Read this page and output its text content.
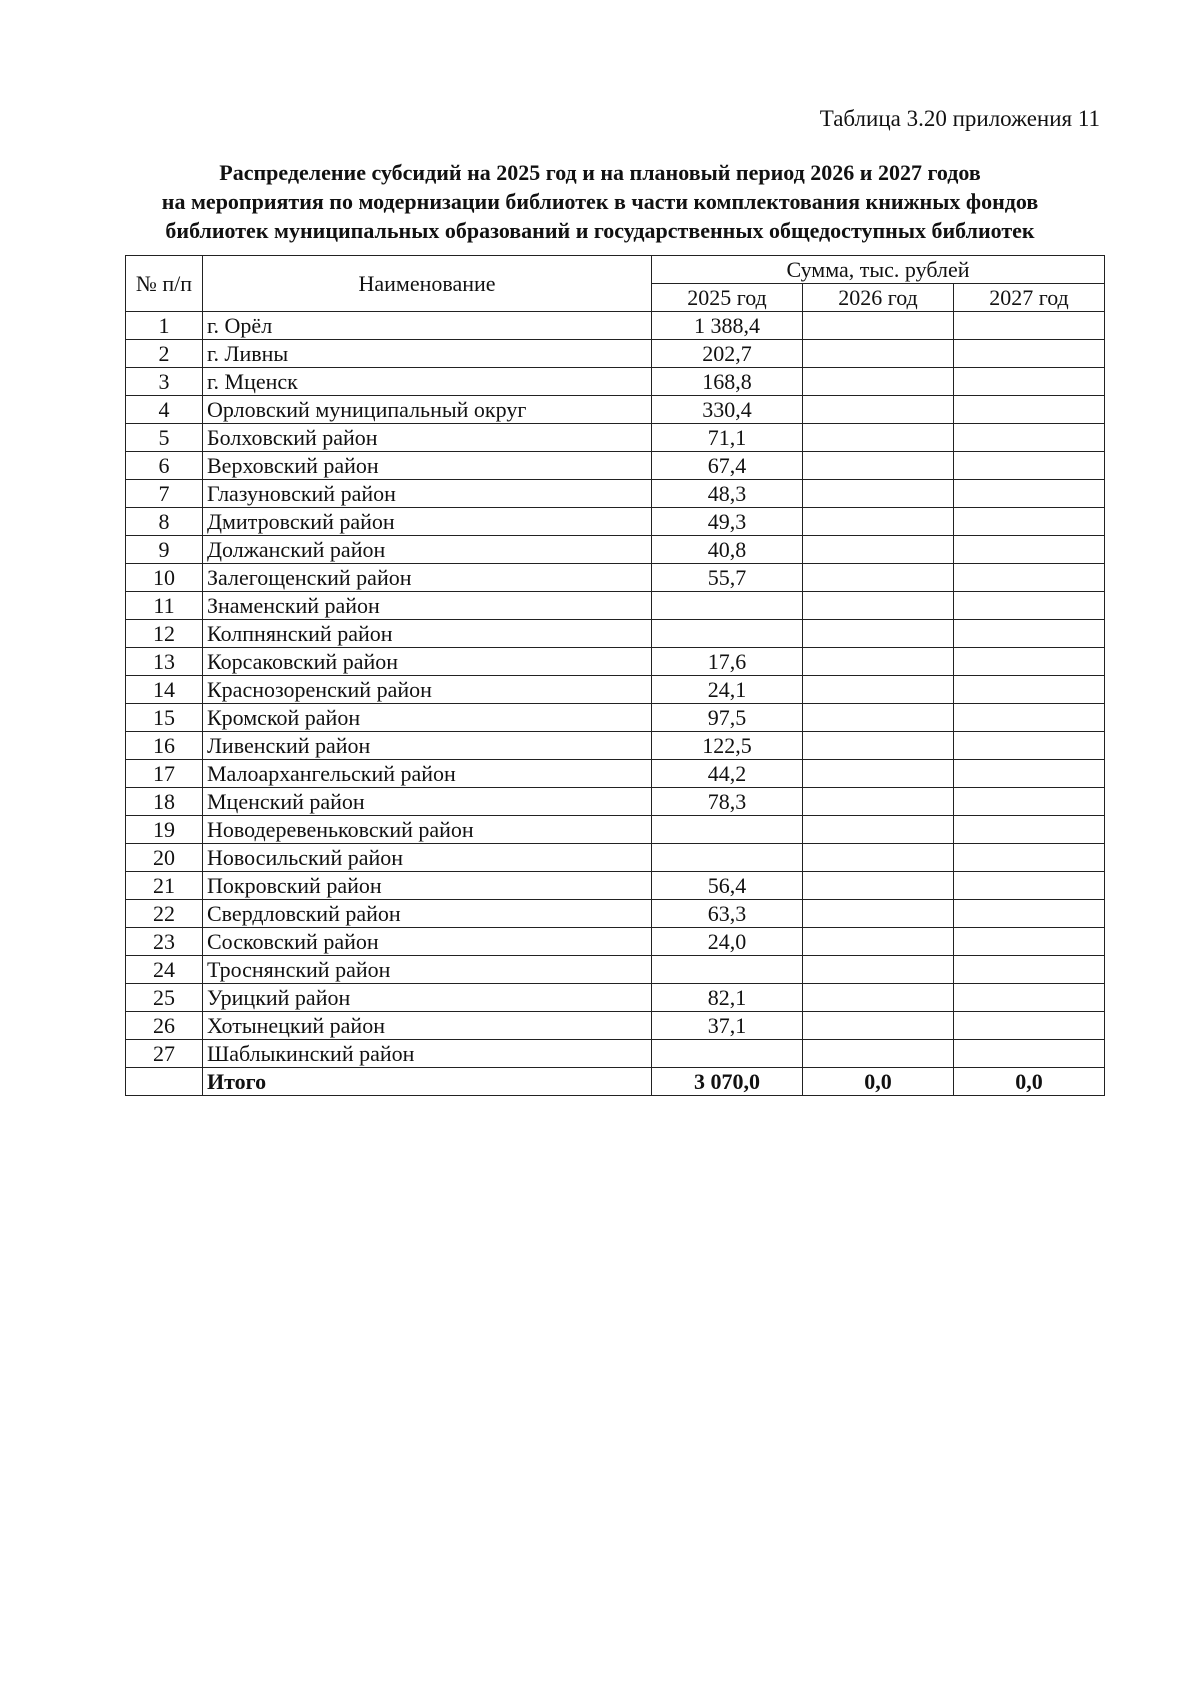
Таблица 3.20 приложения 11
Распределение субсидий на 2025 год и на плановый период 2026 и 2027 годов
на мероприятия по модернизации библиотек в части комплектования книжных фондов
библиотек муниципальных образований и государственных общедоступных библиотек
№ п/п	Наименование	Сумма, тыс. рублей		
		2025 год	2026 год	2027 год
1	г. Орёл	1 388,4		
2	г. Ливны	202,7		
3	г. Мценск	168,8		
4	Орловский муниципальный округ	330,4		
5	Болховский район	71,1		
6	Верховский район	67,4		
7	Глазуновский район	48,3		
8	Дмитровский район	49,3		
9	Должанский район	40,8		
10	Залегощенский район	55,7		
11	Знаменский район			
12	Колпнянский район			
13	Корсаковский район	17,6		
14	Краснозоренский район	24,1		
15	Кромской район	97,5		
16	Ливенский район	122,5		
17	Малоархангельский район	44,2		
18	Мценский район	78,3		
19	Новодеревеньковский район			
20	Новосильский район			
21	Покровский район	56,4		
22	Свердловский район	63,3		
23	Сосковский район	24,0		
24	Троснянский район			
25	Урицкий район	82,1		
26	Хотынецкий район	37,1		
27	Шаблыкинский район			
	Итого	3 070,0	0,0	0,0
